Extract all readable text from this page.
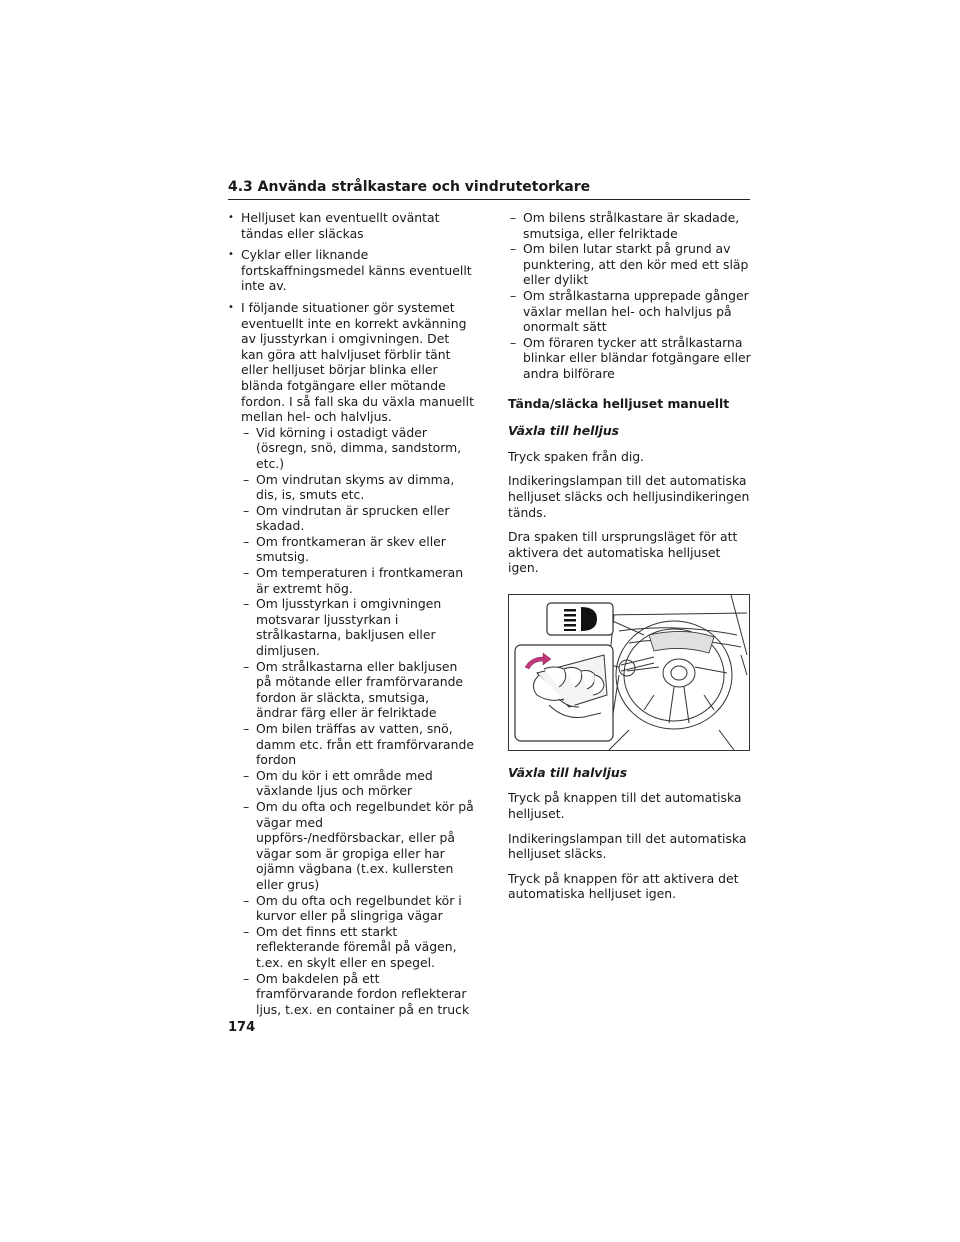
4.3 Använda strålkastare och vindrutetorkare
• Helljuset kan eventuellt oväntat tändas eller släckas
• Cyklar eller liknande fortskaffningsmedel känns eventuellt inte av.
• I följande situationer gör systemet eventuellt inte en korrekt avkänning av ljusstyrkan i omgivningen. Det kan göra att halvljuset förblir tänt eller helljuset börjar blinka eller blända fotgängare eller mötande fordon. I så fall ska du växla manuellt mellan hel- och halvljus.
– Vid körning i ostadigt väder (ösregn, snö, dimma, sandstorm, etc.)
– Om vindrutan skyms av dimma, dis, is, smuts etc.
– Om vindrutan är sprucken eller skadad.
– Om frontkameran är skev eller smutsig.
– Om temperaturen i frontkameran är extremt hög.
– Om ljusstyrkan i omgivningen motsvarar ljusstyrkan i strålkastarna, bakljusen eller dimljusen.
– Om strålkastarna eller bakljusen på mötande eller framförvarande fordon är släckta, smutsiga, ändrar färg eller är felriktade
– Om bilen träffas av vatten, snö, damm etc. från ett framförvarande fordon
– Om du kör i ett område med växlande ljus och mörker
– Om du ofta och regelbundet kör på vägar med uppförs-/nedförsbackar, eller på vägar som är gropiga eller har ojämn vägbana (t.ex. kullersten eller grus)
– Om du ofta och regelbundet kör i kurvor eller på slingriga vägar
– Om det finns ett starkt reflekterande föremål på vägen, t.ex. en skylt eller en spegel.
– Om bakdelen på ett framförvarande fordon reflekterar ljus, t.ex. en container på en truck
– Om bilens strålkastare är skadade, smutsiga, eller felriktade
– Om bilen lutar starkt på grund av punktering, att den kör med ett släp eller dylikt
– Om strålkastarna upprepade gånger växlar mellan hel- och halvljus på onormalt sätt
– Om föraren tycker att strålkastarna blinkar eller bländar fotgängare eller andra bilförare
Tända/släcka helljuset manuellt
Växla till helljus

Tryck spaken från dig.

Indikeringslampan till det automatiska helljuset släcks och helljusindikeringen tänds.

Dra spaken till ursprungsläget för att aktivera det automatiska helljuset igen.

Växla till halvljus

Tryck på knappen till det automatiska helljuset.

Indikeringslampan till det automatiska helljuset släcks.

Tryck på knappen för att aktivera det automatiska helljuset igen.

174
